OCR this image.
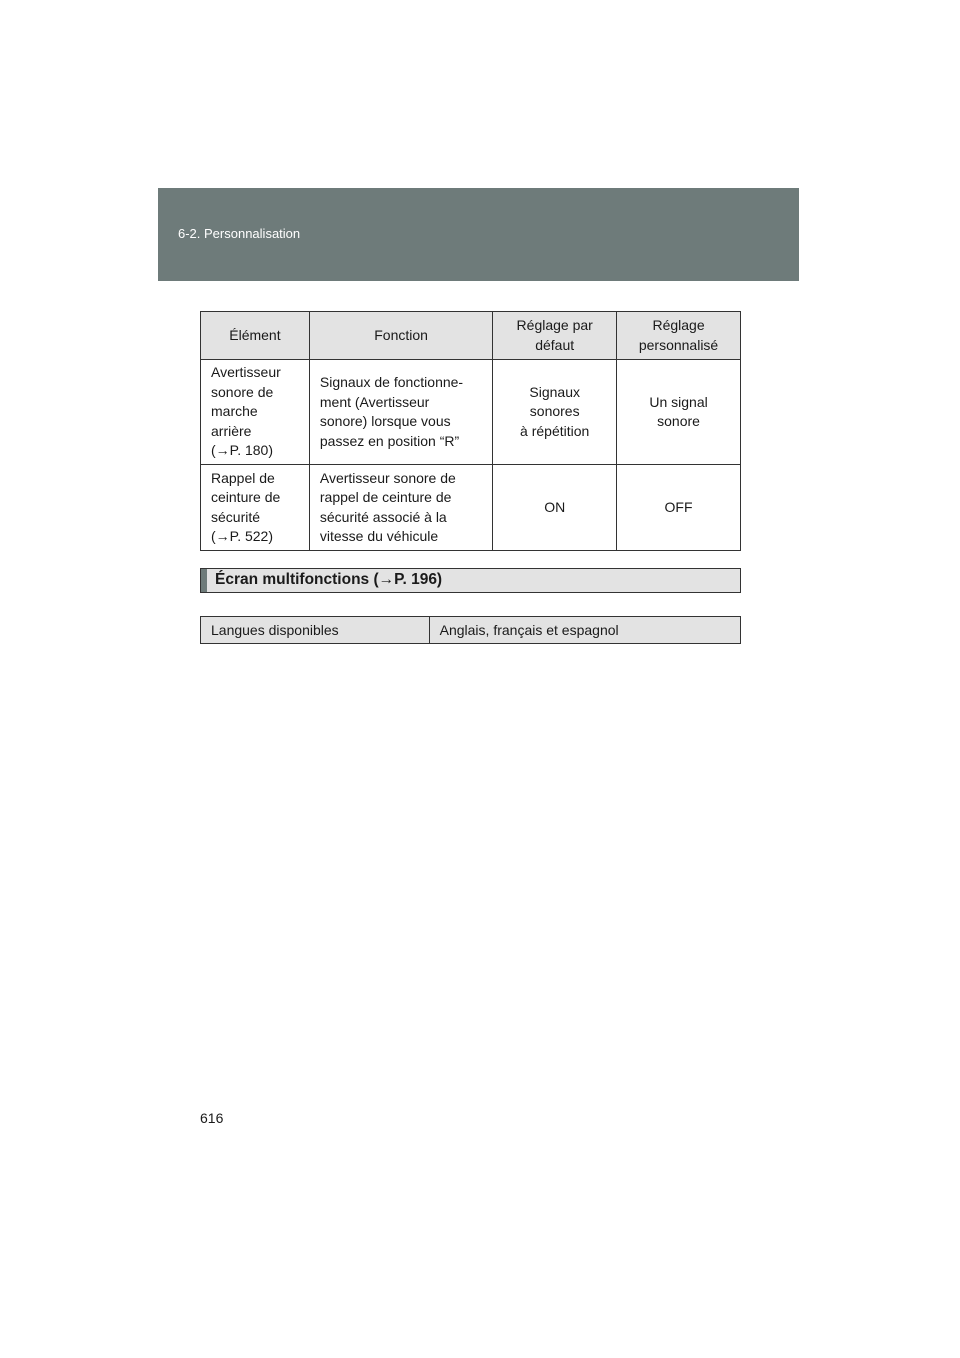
6-2. Personnalisation
Élément	Fonction	Réglage par défaut	Réglage personnalisé

Avertisseur
sonore de
marche
arrière
(→P. 180)	Signaux de fonctionne-
ment (Avertisseur
sonore) lorsque vous
passez en position “R”	Signaux
sonores
à répétition	Un signal
sonore

Rappel de
ceinture de
sécurité
(→P. 522)	Avertisseur sonore de
rappel de ceinture de
sécurité associé à la
vitesse du véhicule	ON	OFF
Écran multifonctions (→P. 196)
Langues disponibles	Anglais, français et espagnol
616
